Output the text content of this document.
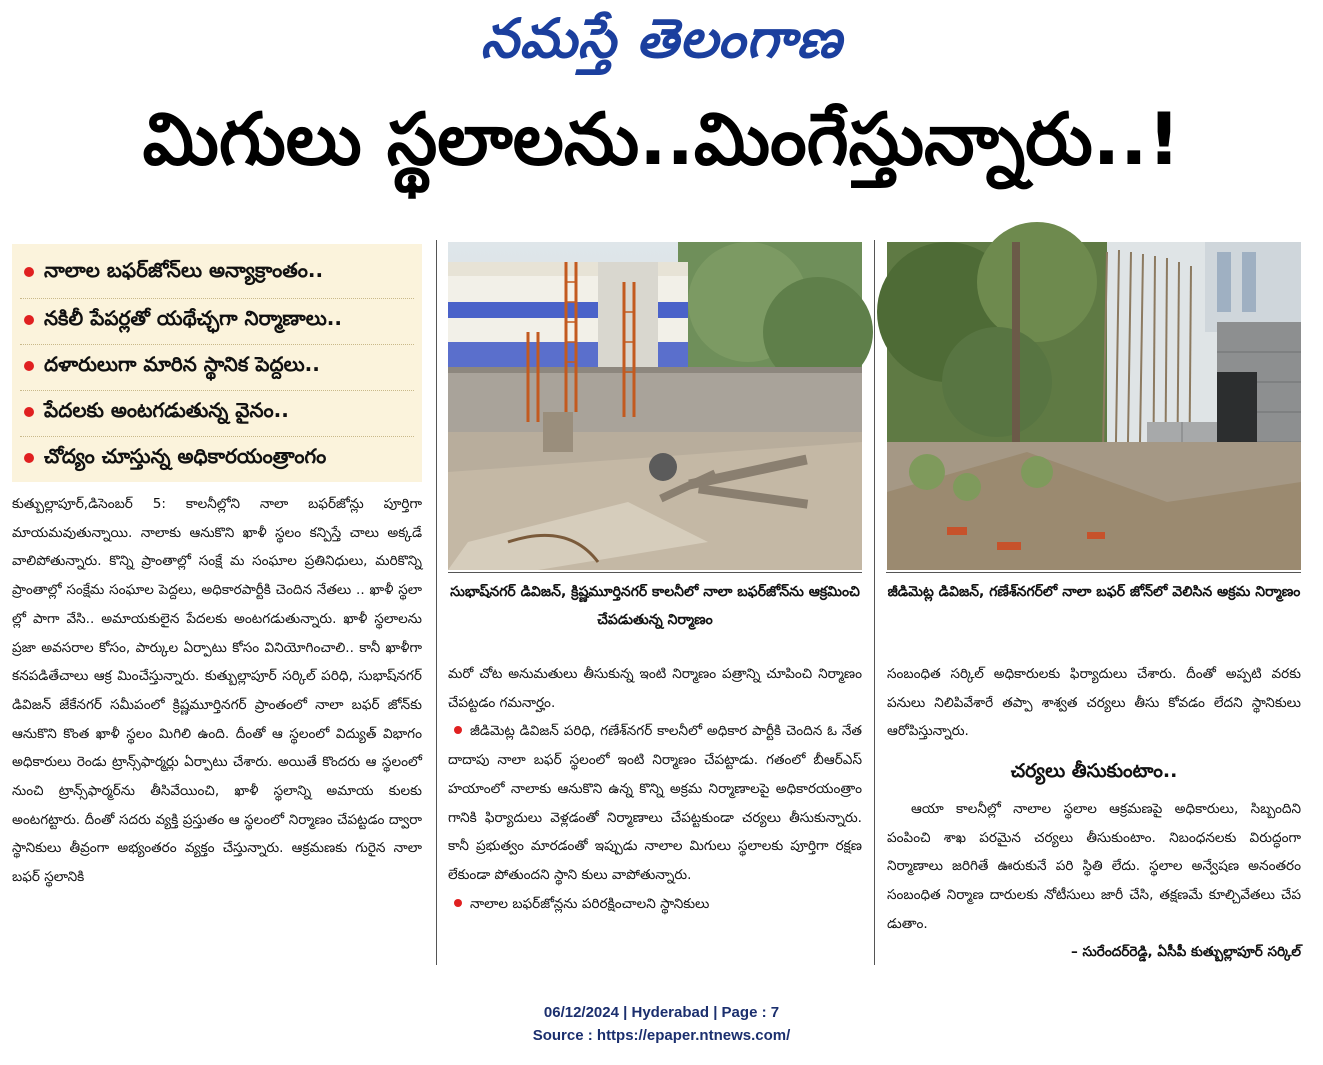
నమస్తే తెలంగాణ
మిగులు స్థలాలను..మింగేస్తున్నారు..!
నాలాల బఫర్‌జోన్‌లు అన్యాక్రాంతం..
నకిలీ పేపర్లతో యథేచ్ఛగా నిర్మాణాలు..
దళారులుగా మారిన స్థానిక పెద్దలు..
పేదలకు అంటగడుతున్న వైనం..
చోద్యం చూస్తున్న అధికారయంత్రాంగం

కుత్బుల్లాపూర్‌,డిసెంబర్‌ 5: కాలనీల్లోని నాలా బఫర్‌జోన్లు పూర్తిగా మాయమవుతున్నాయి. నాలాకు ఆనుకొని ఖాళీ స్థలం కన్పిస్తే చాలు అక్కడే వాలిపోతున్నారు. కొన్ని ప్రాంతాల్లో సంక్షే మ సంఘాల ప్రతినిధులు, మరికొన్ని ప్రాంతాల్లో సంక్షేమ సంఘాల పెద్దలు, అధికారపార్టీకి చెందిన నేతలు .. ఖాళీ స్థలా ల్లో పాగా వేసి.. అమాయకులైన పేదలకు అంటగడుతున్నారు. ఖాళీ స్థలాలను ప్రజా అవసరాల కోసం, పార్కుల ఏర్పాటు కోసం వినియోగించాలి.. కానీ ఖాళీగా కనపడితేచాలు ఆక్ర మించేస్తున్నారు. కుత్బుల్లాపూర్‌ సర్కిల్‌ పరిధి, సుభాష్‌నగర్‌ డివిజన్‌ జేకేనగర్‌ సమీపంలో క్రిష్ణమూర్తినగర్‌ ప్రాంతంలో నాలా బఫర్‌ జోన్‌కు ఆనుకొని కొంత ఖాళీ స్థలం మిగిలి ఉంది. దీంతో ఆ స్థలంలో విద్యుత్‌ విభాగం అధికారులు రెండు ట్రాన్స్‌ఫార్మర్లు ఏర్పాటు చేశారు. అయితే కొందరు ఆ స్థలంలో నుంచి ట్రాన్స్‌ఫార్మర్‌ను తీసివేయించి, ఖాళీ స్థలాన్ని అమాయ కులకు అంటగట్టారు. దీంతో సదరు వ్యక్తి ప్రస్తుతం ఆ స్థలంలో నిర్మాణం చేపట్టడం ద్వారా స్థానికులు తీవ్రంగా అభ్యంతరం వ్యక్తం చేస్తున్నారు. ఆక్రమణకు గురైన నాలా బఫర్‌ స్థలానికి

సుభాష్‌నగర్‌ డివిజన్‌, క్రిష్ణమూర్తినగర్‌ కాలనీలో నాలా బఫర్‌జోన్‌ను ఆక్రమించి చేపడుతున్న నిర్మాణం
జీడిమెట్ల డివిజన్‌, గణేశ్‌నగర్‌లో నాలా బఫర్‌ జోన్‌లో వెలిసిన అక్రమ నిర్మాణం

మరో చోట అనుమతులు తీసుకున్న ఇంటి నిర్మాణం పత్రాన్ని చూపించి నిర్మాణం చేపట్టడం గమనార్హం.

జీడిమెట్ల డివిజన్‌ పరిధి, గణేశ్‌నగర్‌ కాలనీలో అధికార పార్టీకి చెందిన ఓ నేత దాదాపు నాలా బఫర్‌ స్థలంలో ఇంటి నిర్మాణం చేపట్టాడు. గతంలో బీఆర్‌ఎస్‌ హయాంలో నాలాకు ఆనుకొని ఉన్న కొన్ని అక్రమ నిర్మాణాలపై అధికారయంత్రాం గానికి ఫిర్యాదులు వెళ్లడంతో నిర్మాణాలు చేపట్టకుండా చర్యలు తీసుకున్నారు. కానీ ప్రభుత్వం మారడంతో ఇప్పుడు నాలాల మిగులు స్థలాలకు పూర్తిగా రక్షణ లేకుండా పోతుందని స్థాని కులు వాపోతున్నారు.

నాలాల బఫర్‌జోన్లను పరిరక్షించాలని స్థానికులు

సంబంధిత సర్కిల్‌ అధికారులకు ఫిర్యాదులు చేశారు. దీంతో అప్పటి వరకు పనులు నిలిపివేశారే తప్పా శాశ్వత చర్యలు తీసు కోవడం లేదని స్థానికులు ఆరోపిస్తున్నారు.

చర్యలు తీసుకుంటాం..

ఆయా కాలనీల్లో నాలాల స్థలాల ఆక్రమణపై అధికారులు, సిబ్బందిని పంపించి శాఖ పరమైన చర్యలు తీసుకుంటాం. నిబంధనలకు విరుద్ధంగా నిర్మాణాలు జరిగితే ఊరుకునే పరి స్థితి లేదు. స్థలాల అన్వేషణ అనంతరం సంబంధిత నిర్మాణ దారులకు నోటీసులు జారీ చేసి, తక్షణమే కూల్చివేతలు చేప డుతాం.

– సురేందర్‌రెడ్డి, ఏసీపీ కుత్బుల్లాపూర్‌ సర్కిల్‌
06/12/2024 | Hyderabad | Page : 7
Source : https://epaper.ntnews.com/
